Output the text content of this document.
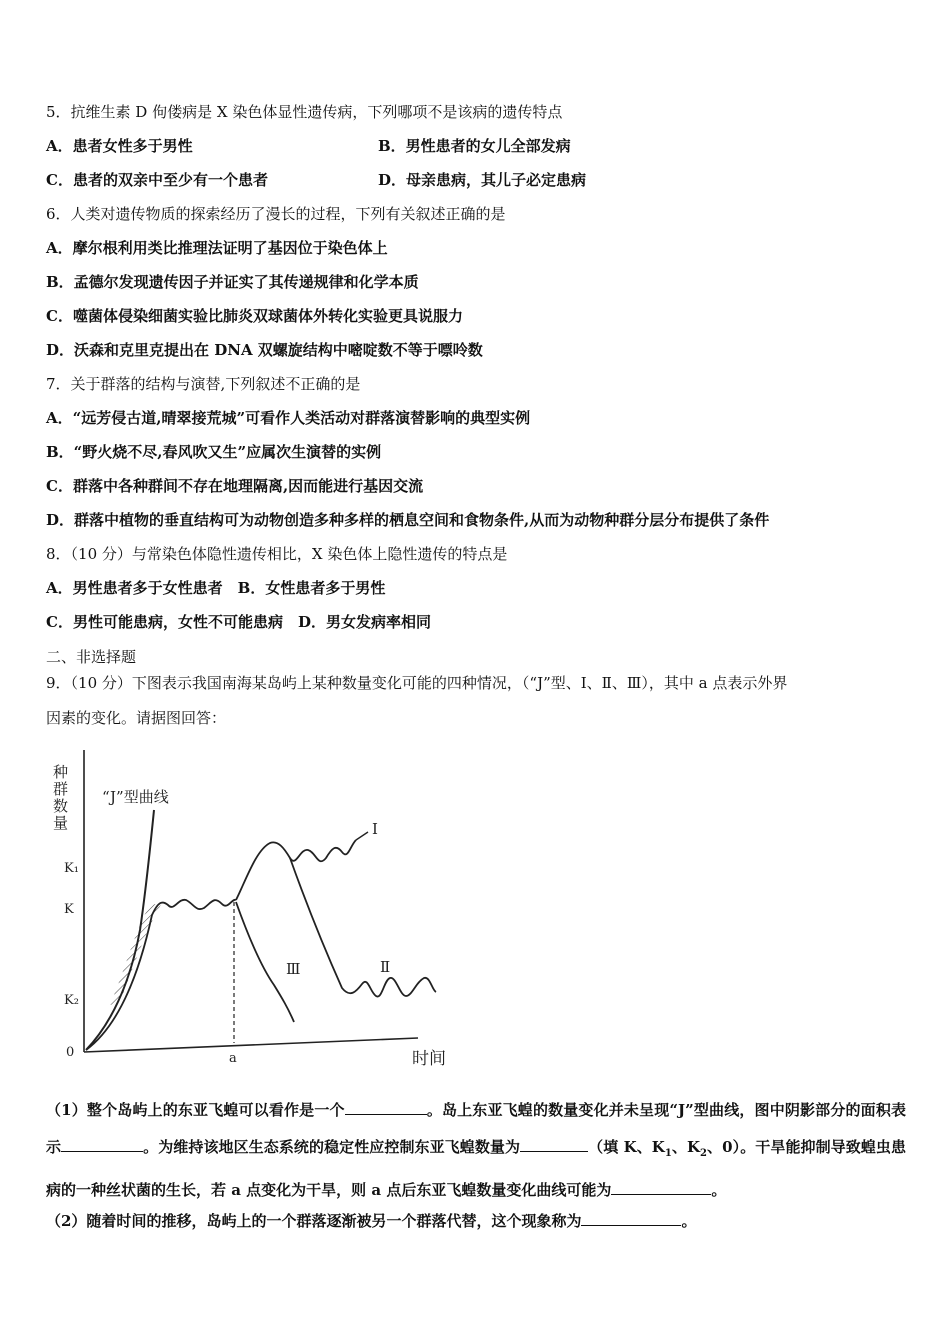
5．抗维生素 D 佝偻病是 X 染色体显性遗传病，下列哪项不是该病的遗传特点
A．患者女性多于男性	B．男性患者的女儿全部发病
C．患者的双亲中至少有一个患者	D．母亲患病，其儿子必定患病
6．人类对遗传物质的探索经历了漫长的过程，下列有关叙述正确的是
A．摩尔根利用类比推理法证明了基因位于染色体上
B．孟德尔发现遗传因子并证实了其传递规律和化学本质
C．噬菌体侵染细菌实验比肺炎双球菌体外转化实验更具说服力
D．沃森和克里克提出在 DNA 双螺旋结构中嘧啶数不等于嘌呤数
7．关于群落的结构与演替,下列叙述不正确的是
A．“远芳侵古道,晴翠接荒城”可看作人类活动对群落演替影响的典型实例
B．“野火烧不尽,春风吹又生”应属次生演替的实例
C．群落中各种群间不存在地理隔离,因而能进行基因交流
D．群落中植物的垂直结构可为动物创造多种多样的栖息空间和食物条件,从而为动物种群分层分布提供了条件
8．（10 分）与常染色体隐性遗传相比，X 染色体上隐性遗传的特点是
A．男性患者多于女性患者　B．女性患者多于男性
C．男性可能患病，女性不可能患病　D．男女发病率相同
二、非选择题
9．（10 分）下图表示我国南海某岛屿上某种数量变化可能的四种情况，（“J”型、Ⅰ、Ⅱ、Ⅲ），其中 a 点表示外界
因素的变化。请据图回答：
种群数量
时间
K₁
K
K₂
0	a
“J”型曲线
Ⅰ
Ⅱ
Ⅲ
（1）整个岛屿上的东亚飞蝗可以看作是一个	。岛上东亚飞蝗的数量变化并未呈现“J”型曲线，图中阴影部分的面积表示	。为维持该地区生态系统的稳定性应控制东亚飞蝗数量为	（填 K、$K_1$、$K_2$、0）。干旱能抑制导致蝗虫患病的一种丝状菌的生长，若 a 点变化为干旱，则 a 点后东亚飞蝗数量变化曲线可能为	。
（2）随着时间的推移，岛屿上的一个群落逐渐被另一个群落代替，这个现象称为	。
